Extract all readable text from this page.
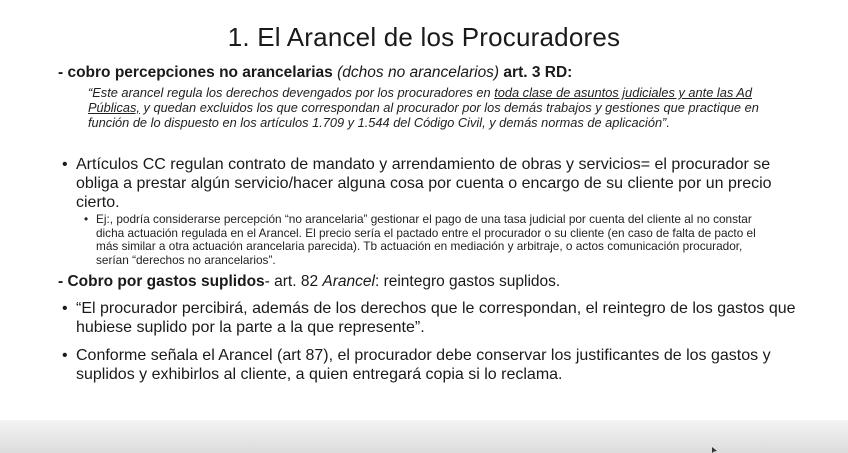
1. El Arancel de los Procuradores
- cobro percepciones no arancelarias (dchos no arancelarios) art. 3 RD:
“Este arancel regula los derechos devengados por los procuradores en toda clase de asuntos judiciales y ante las Ad Públicas, y quedan excluidos los que correspondan al procurador por los demás trabajos y gestiones que practique en función de lo dispuesto en los artículos 1.709 y 1.544 del Código Civil, y demás normas de aplicación”.
• Artículos CC regulan contrato de mandato y arrendamiento de obras y servicios= el procurador se obliga a prestar algún servicio/hacer alguna cosa por cuenta o encargo de su cliente por un precio cierto.
• Ej:, podría considerarse percepción “no arancelaria” gestionar el pago de una tasa judicial por cuenta del cliente al no constar dicha actuación regulada en el Arancel. El precio sería el pactado entre el procurador o su cliente (en caso de falta de pacto el más similar a otra actuación arancelaria parecida). Tb actuación en mediación y arbitraje, o actos comunicación procurador, serían “derechos no arancelarios”.
- Cobro por gastos suplidos- art. 82 Arancel: reintegro gastos suplidos.
• “El procurador percibirá, además de los derechos que le correspondan, el reintegro de los gastos que hubiese suplido por la parte a la que represente”.
• Conforme señala el Arancel (art 87), el procurador debe conservar los justificantes de los gastos y suplidos y exhibirlos al cliente, a quien entregará copia si lo reclama.
